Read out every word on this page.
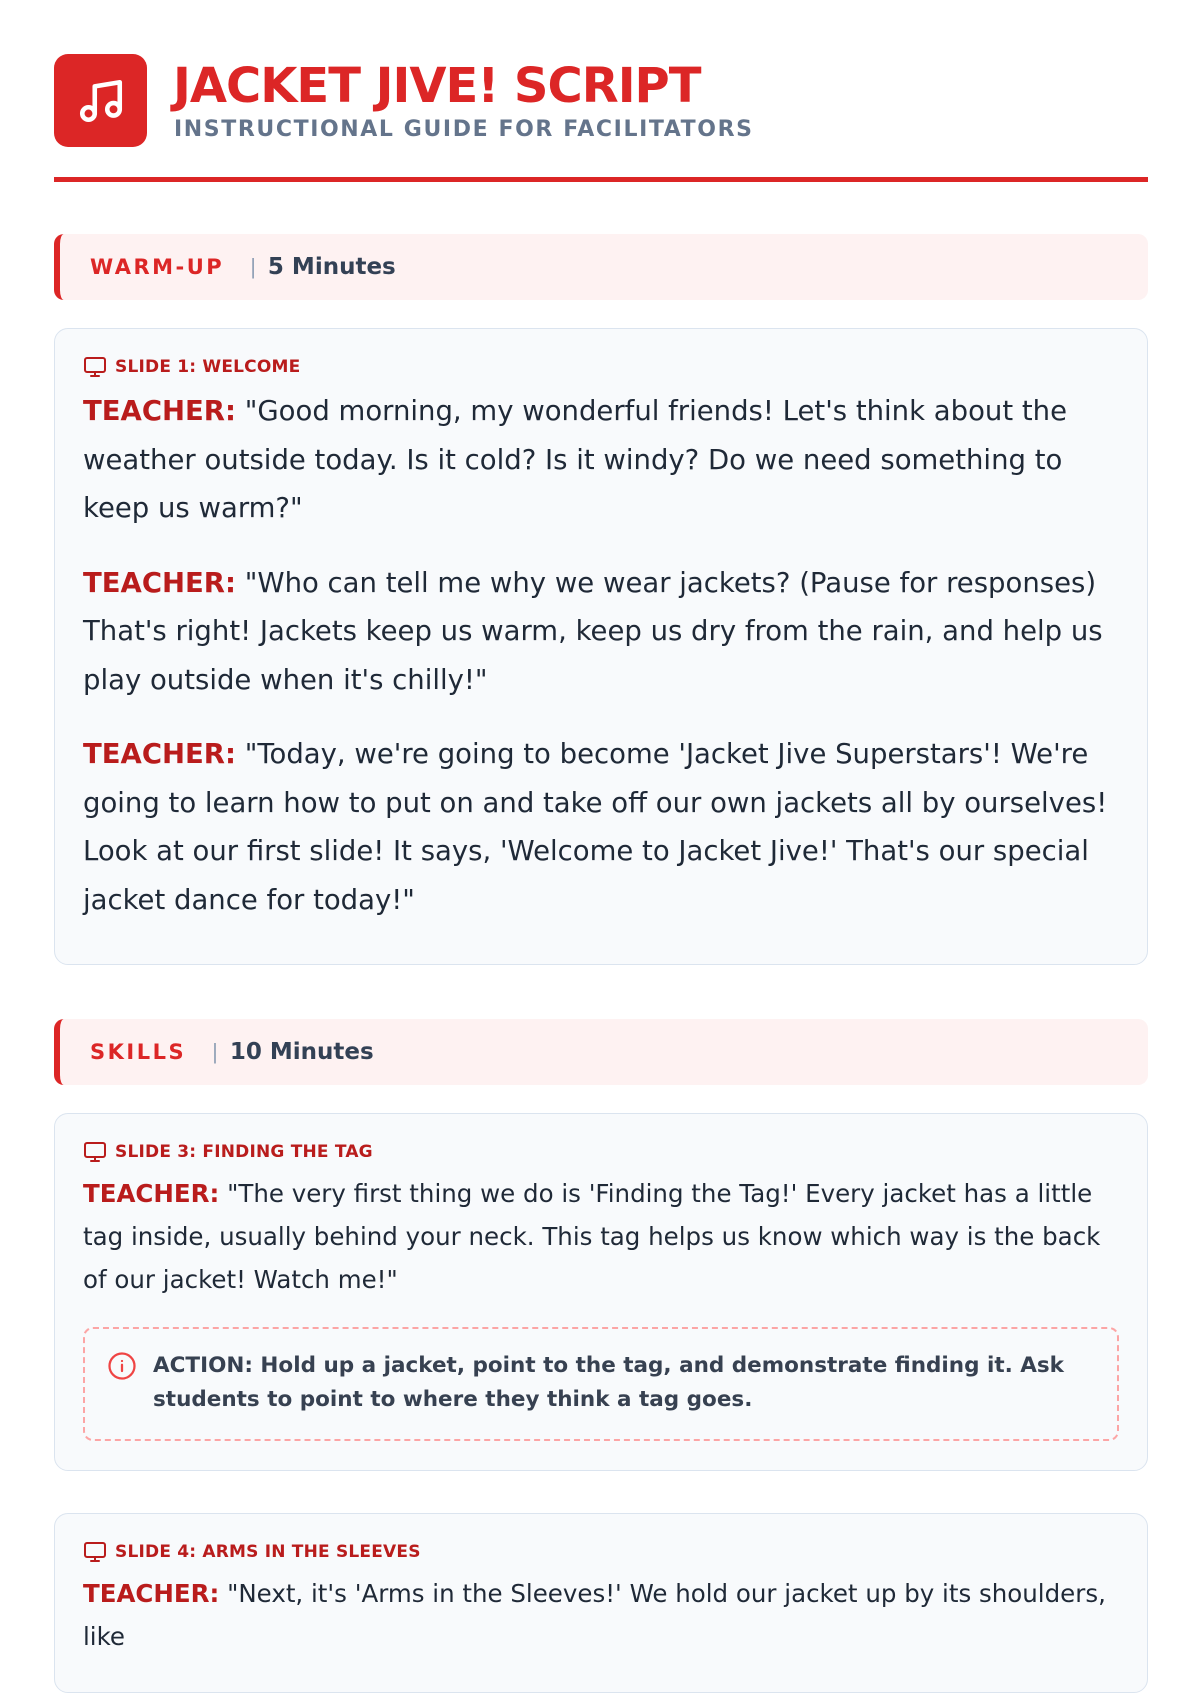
JACKET JIVE! SCRIPT
INSTRUCTIONAL GUIDE FOR FACILITATORS
WARM-UP | 5 Minutes
SLIDE 1: WELCOME

TEACHER: "Good morning, my wonderful friends! Let's think about the weather outside today. Is it cold? Is it windy? Do we need something to keep us warm?"

TEACHER: "Who can tell me why we wear jackets? (Pause for responses) That's right! Jackets keep us warm, keep us dry from the rain, and help us play outside when it's chilly!"

TEACHER: "Today, we're going to become 'Jacket Jive Superstars'! We're going to learn how to put on and take off our own jackets all by ourselves! Look at our first slide! It says, 'Welcome to Jacket Jive!' That's our special jacket dance for today!"

SKILLS | 10 Minutes
SLIDE 3: FINDING THE TAG

TEACHER: "The very first thing we do is 'Finding the Tag!' Every jacket has a little tag inside, usually behind your neck. This tag helps us know which way is the back of our jacket! Watch me!"

ACTION: Hold up a jacket, point to the tag, and demonstrate finding it. Ask students to point to where they think a tag goes.
SLIDE 4: ARMS IN THE SLEEVES

TEACHER: "Next, it's 'Arms in the Sleeves!' We hold our jacket up by its shoulders, like
